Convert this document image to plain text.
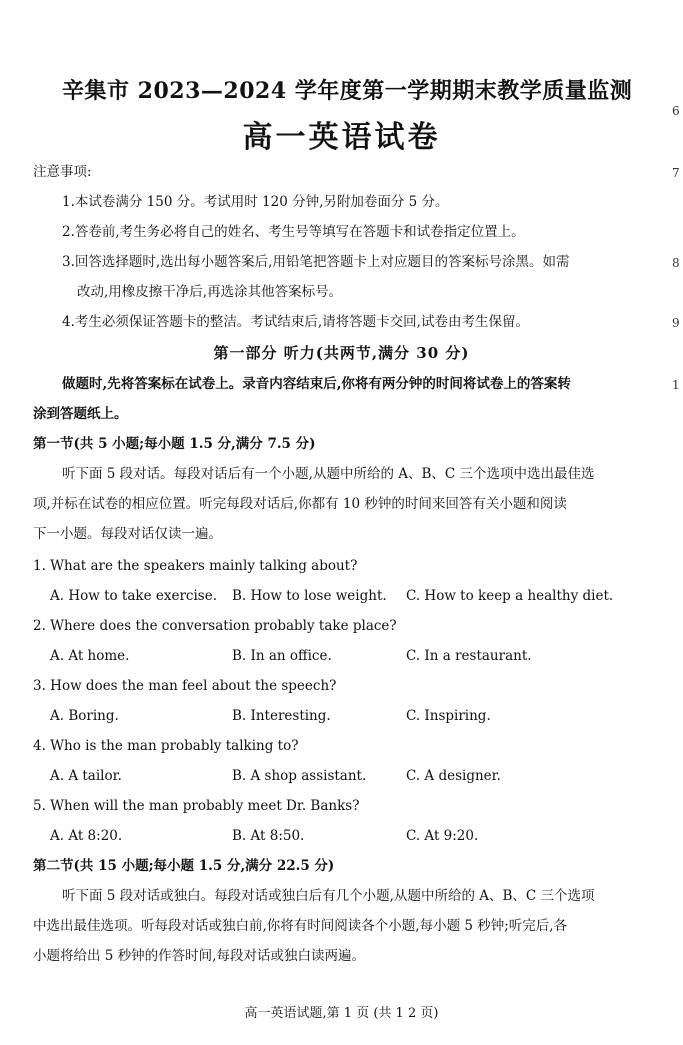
辛集市 2023—2024 学年度第一学期期末教学质量监测
高一英语试卷
注意事项:
1.本试卷满分 150 分。考试用时 120 分钟,另附加卷面分 5 分。
2.答卷前,考生务必将自己的姓名、考生号等填写在答题卡和试卷指定位置上。
3.回答选择题时,选出每小题答案后,用铅笔把答题卡上对应题目的答案标号涂黑。如需
改动,用橡皮擦干净后,再选涂其他答案标号。
4.考生必须保证答题卡的整洁。考试结束后,请将答题卡交回,试卷由考生保留。
第一部分 听力(共两节,满分 30 分)
做题时,先将答案标在试卷上。录音内容结束后,你将有两分钟的时间将试卷上的答案转
涂到答题纸上。
第一节(共 5 小题;每小题 1.5 分,满分 7.5 分)
听下面 5 段对话。每段对话后有一个小题,从题中所给的 A、B、C 三个选项中选出最佳选
项,并标在试卷的相应位置。听完每段对话后,你都有 10 秒钟的时间来回答有关小题和阅读
下一小题。每段对话仅读一遍。
1. What are the speakers mainly talking about?
A. How to take exercise. B. How to lose weight. C. How to keep a healthy diet.
2. Where does the conversation probably take place?
A. At home.	B. In an office.	C. In a restaurant.
3. How does the man feel about the speech?
A. Boring.	B. Interesting.	C. Inspiring.
4. Who is the man probably talking to?
A. A tailor.	B. A shop assistant.	C. A designer.
5. When will the man probably meet Dr. Banks?
A. At 8:20.	B. At 8:50.	C. At 9:20.
第二节(共 15 小题;每小题 1.5 分,满分 22.5 分)
听下面 5 段对话或独白。每段对话或独白后有几个小题,从题中所给的 A、B、C 三个选项
中选出最佳选项。听每段对话或独白前,你将有时间阅读各个小题,每小题 5 秒钟;听完后,各
小题将给出 5 秒钟的作答时间,每段对话或独白读两遍。
高一英语试题,第 1 页 (共 1 2 页)
6
7
8
9
1
